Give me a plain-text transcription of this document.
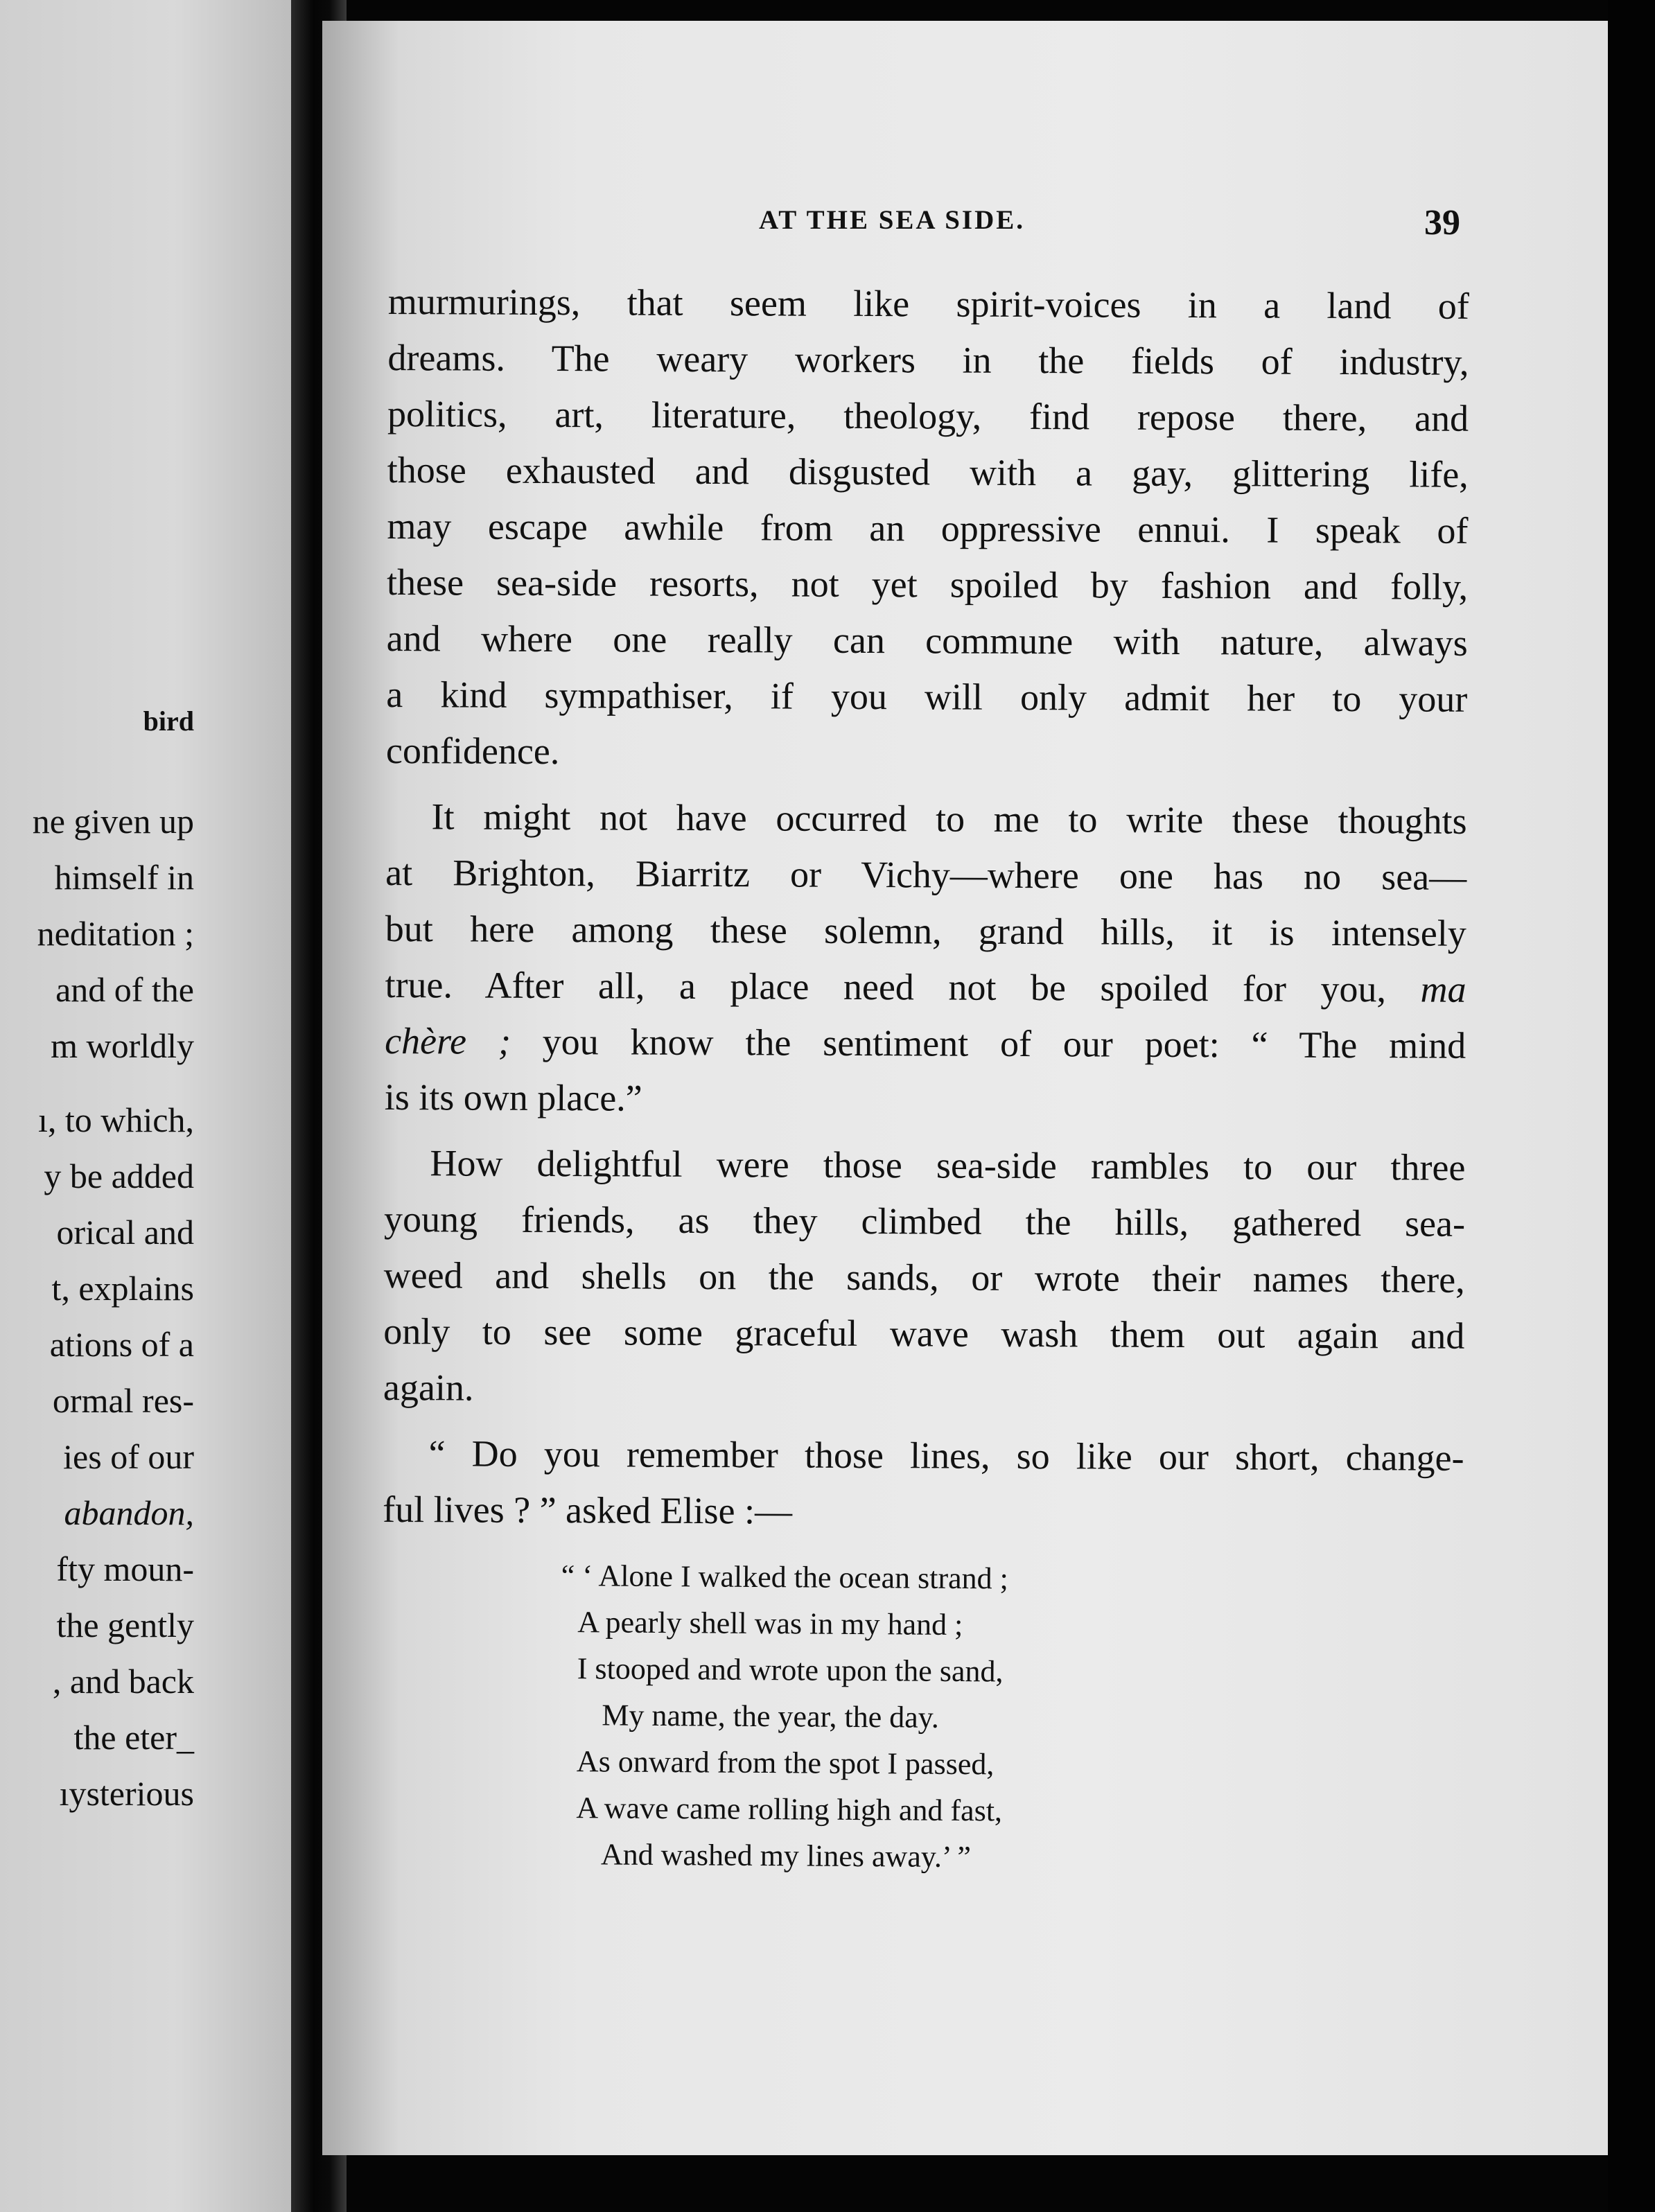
bird
ne given up
himself in
neditation ;
and of the
m worldly
ı, to which,
y be added
orical and
t, explains
ations of a
ormal res-
ies of our
abandon,
fty moun-
the gently
, and back
the eter_
ıysterious
AT THE SEA SIDE.	39
murmurings, that seem like spirit-voices in a land of
dreams. The weary workers in the fields of industry,
politics, art, literature, theology, find repose there, and
those exhausted and disgusted with a gay, glittering life,
may escape awhile from an oppressive ennui. I speak of
these sea-side resorts, not yet spoiled by fashion and folly,
and where one really can commune with nature, always
a kind sympathiser, if you will only admit her to your
confidence.
It might not have occurred to me to write these thoughts
at Brighton, Biarritz or Vichy—where one has no sea—
but here among these solemn, grand hills, it is intensely
true. After all, a place need not be spoiled for you, ma
chère ; you know the sentiment of our poet: “ The mind
is its own place.”
How delightful were those sea-side rambles to our three
young friends, as they climbed the hills, gathered sea-
weed and shells on the sands, or wrote their names there,
only to see some graceful wave wash them out again and
again.
“ Do you remember those lines, so like our short, change-
ful lives ? ” asked Elise :—
“ ‘ Alone I walked the ocean strand ;
A pearly shell was in my hand ;
I stooped and wrote upon the sand,
My name, the year, the day.
As onward from the spot I passed,
A wave came rolling high and fast,
And washed my lines away.’ ”
